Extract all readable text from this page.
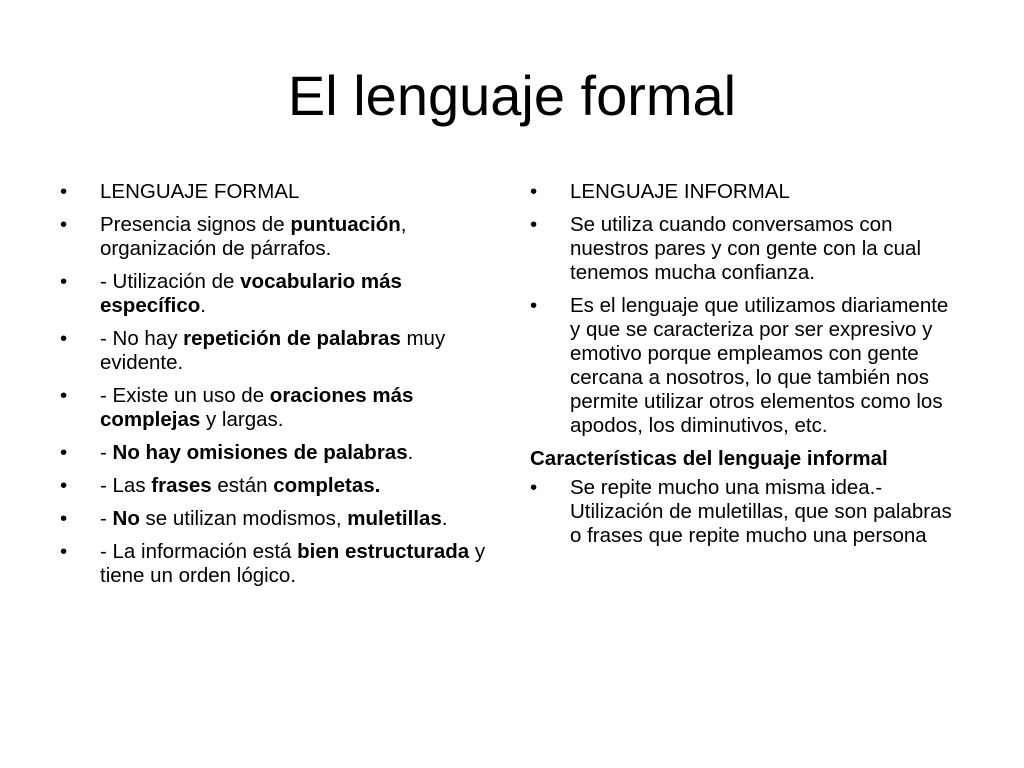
El lenguaje formal
•	LENGUAJE FORMAL
•	Presencia signos de puntuación, organización de párrafos.
•	- Utilización de vocabulario más específico.
•	- No hay repetición de palabras muy evidente.
•	- Existe un uso de oraciones más complejas y largas.
•	- No hay omisiones de palabras.
•	- Las frases están completas.
•	- No se utilizan modismos, muletillas.
•	- La información está bien estructurada y tiene un orden lógico.
•	LENGUAJE INFORMAL
•	Se utiliza cuando conversamos con nuestros pares y con gente con la cual tenemos mucha confianza.
•	Es el lenguaje que utilizamos diariamente y que se caracteriza por ser expresivo y
emotivo porque empleamos con gente cercana a nosotros, lo que también nos permite utilizar otros elementos como los apodos, los diminutivos, etc.
Características del lenguaje informal
•	Se repite mucho una misma idea.- Utilización de muletillas, que son palabras o frases que repite mucho una persona
